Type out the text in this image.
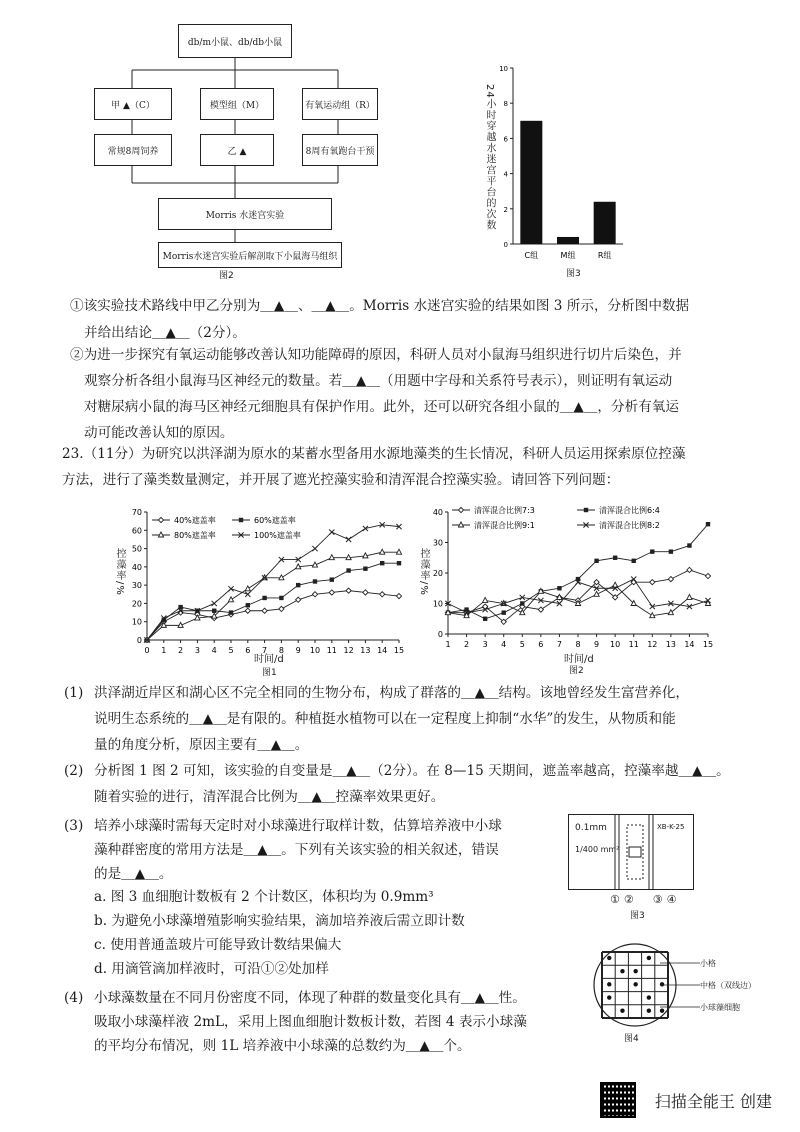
db/m小鼠、db/db小鼠
甲 ▲（C）	模型组（M）	有氧运动组（R）
常规8周饲养	乙 ▲	8周有氧跑台干预
Morris 水迷宫实验
Morris水迷宫实验后解剖取下小鼠海马组织
图2
24小时穿越水迷宫平台的次数
0
2
4
6
8
10
C组	M组	R组
图3
①该实验技术路线中甲乙分别为＿▲＿、＿▲＿。Morris 水迷宫实验的结果如图 3 所示，分析图中数据
并给出结论＿▲＿（2分）。
②为进一步探究有氧运动能够改善认知功能障碍的原因，科研人员对小鼠海马组织进行切片后染色，并
观察分析各组小鼠海马区神经元的数量。若＿▲＿（用题中字母和关系符号表示），则证明有氧运动
对糖尿病小鼠的海马区神经元细胞具有保护作用。此外，还可以研究各组小鼠的＿▲＿，分析有氧运
动可能改善认知的原因。
23.（11分）为研究以洪泽湖为原水的某蓄水型备用水源地藻类的生长情况，科研人员运用探索原位控藻
方法，进行了藻类数量测定，并开展了遮光控藻实验和清浑混合控藻实验。请回答下列问题：
控藻率/%
0
10
20
30
40
50
60
70
0 1 2 3 4 5 6 7 8 9 10 11 12 13 14 15
40%遮盖率	60%遮盖率
80%遮盖率	100%遮盖率
时间/d
图1
控藻率/%
0
10
20
30
40
1 2 3 4 5 6 7 8 9 10 11 12 13 14 15
清浑混合比例7:3	清浑混合比例6:4
清浑混合比例9:1	清浑混合比例8:2
时间/d
图2
(1) 洪泽湖近岸区和湖心区不完全相同的生物分布，构成了群落的＿▲＿结构。该地曾经发生富营养化，
说明生态系统的＿▲＿是有限的。种植挺水植物可以在一定程度上抑制“水华”的发生，从物质和能
量的角度分析，原因主要有＿▲＿。
(2) 分析图 1 图 2 可知，该实验的自变量是＿▲＿（2分）。在 8—15 天期间，遮盖率越高，控藻率越＿▲＿。
随着实验的进行，清浑混合比例为＿▲＿控藻率效果更好。
(3) 培养小球藻时需每天定时对小球藻进行取样计数，估算培养液中小球
藻种群密度的常用方法是＿▲＿。下列有关该实验的相关叙述，错误
的是＿▲＿。
a. 图 3 血细胞计数板有 2 个计数区，体积均为 0.9mm³
b. 为避免小球藻增殖影响实验结果，滴加培养液后需立即计数
c. 使用普通盖玻片可能导致计数结果偏大
d. 用滴管滴加样液时，可沿①②处加样
0.1mm
1/400 mm²
XB-K-25
①② ③④
图3
小格
中格（双线边）
小球藻细胞
图4
(4) 小球藻数量在不同月份密度不同，体现了种群的数量变化具有＿▲＿性。
吸取小球藻样液 2mL，采用上图血细胞计数板计数，若图 4 表示小球藻
的平均分布情况，则 1L 培养液中小球藻的总数约为＿▲＿个。
扫描全能王 创建
